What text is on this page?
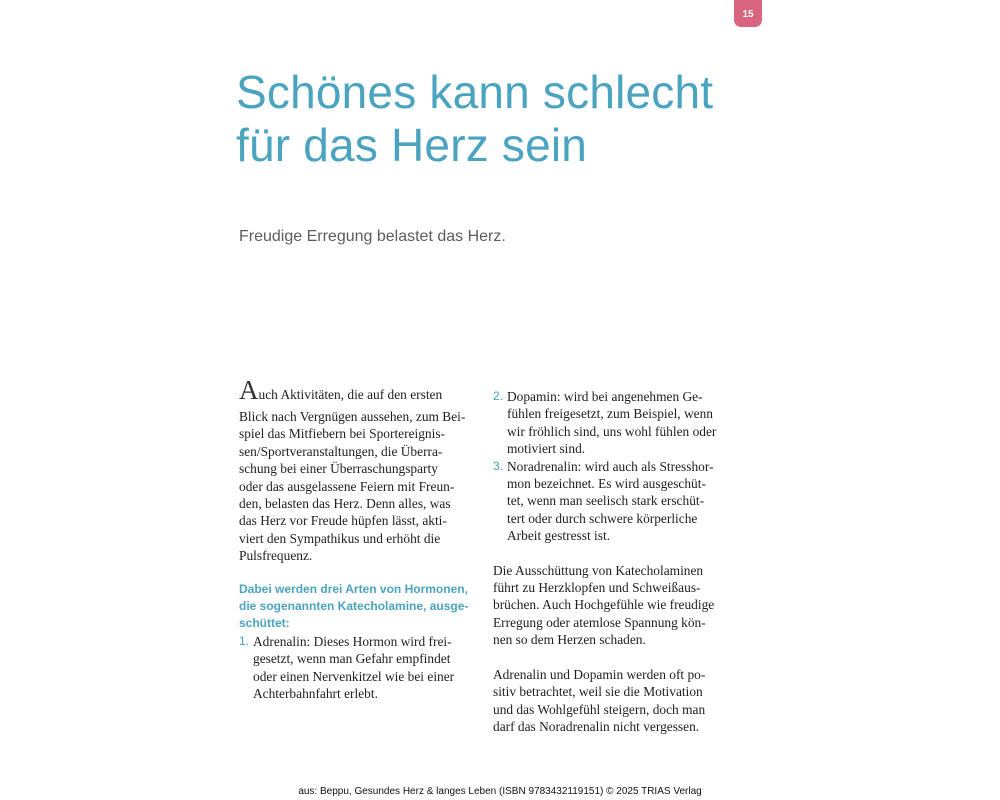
15
Schönes kann schlecht
für das Herz sein

Freudige Erregung belastet das Herz.

Auch Aktivitäten, die auf den ersten
Blick nach Vergnügen aussehen, zum Bei-
spiel das Mitfiebern bei Sportereignis-
sen/Sportveranstaltungen, die Überra-
schung bei einer Überraschungsparty
oder das ausgelassene Feiern mit Freun-
den, belasten das Herz. Denn alles, was
das Herz vor Freude hüpfen lässt, akti-
viert den Sympathikus und erhöht die
Pulsfrequenz.
Dabei werden drei Arten von Hormonen,
die sogenannten Katecholamine, ausge-
schüttet:
1. Adrenalin: Dieses Hormon wird frei-
gesetzt, wenn man Gefahr empfindet
oder einen Nervenkitzel wie bei einer
Achterbahnfahrt erlebt.
2. Dopamin: wird bei angenehmen Ge-
fühlen freigesetzt, zum Beispiel, wenn
wir fröhlich sind, uns wohl fühlen oder
motiviert sind.
3. Noradrenalin: wird auch als Stresshor-
mon bezeichnet. Es wird ausgeschüt-
tet, wenn man seelisch stark erschüt-
tert oder durch schwere körperliche
Arbeit gestresst ist.
Die Ausschüttung von Katecholaminen
führt zu Herzklopfen und Schweißaus-
brüchen. Auch Hochgefühle wie freudige
Erregung oder atemlose Spannung kön-
nen so dem Herzen schaden.
Adrenalin und Dopamin werden oft po-
sitiv betrachtet, weil sie die Motivation
und das Wohlgefühl steigern, doch man
darf das Noradrenalin nicht vergessen.
aus: Beppu, Gesundes Herz & langes Leben (ISBN 9783432119151) © 2025 TRIAS Verlag
